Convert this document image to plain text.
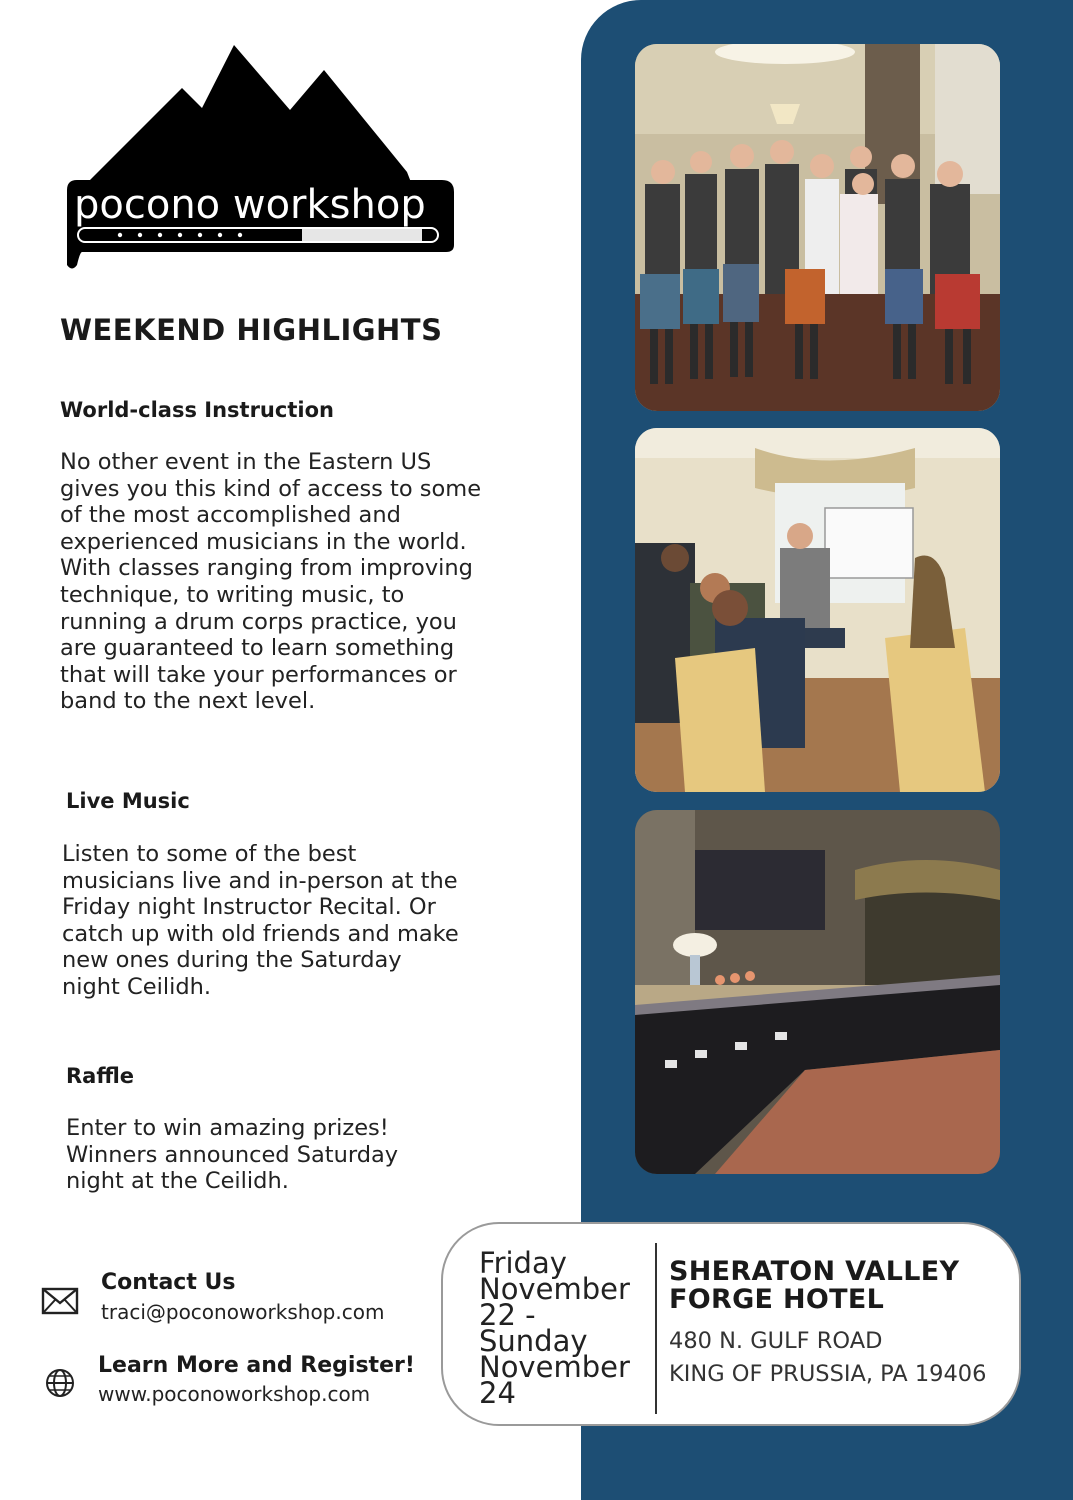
pocono workshop
WEEKEND HIGHLIGHTS
World-class Instruction

No other event in the Eastern US gives you this kind of access to some of the most accomplished and experienced musicians in the world. With classes ranging from improving technique, to writing music, to running a drum corps practice, you are guaranteed to learn something that will take your performances or band to the next level.

Live Music

Listen to some of the best musicians live and in-person at the Friday night Instructor Recital. Or catch up with old friends and make new ones during the Saturday night Ceilidh.

Raffle

Enter to win amazing prizes! Winners announced Saturday night at the Ceilidh.

Contact Us

traci@poconoworkshop.com

Learn More and Register!

www.poconoworkshop.com

Friday November 22 - Sunday November 24

SHERATON VALLEY FORGE HOTEL

480 N. GULF ROAD

KING OF PRUSSIA, PA 19406
